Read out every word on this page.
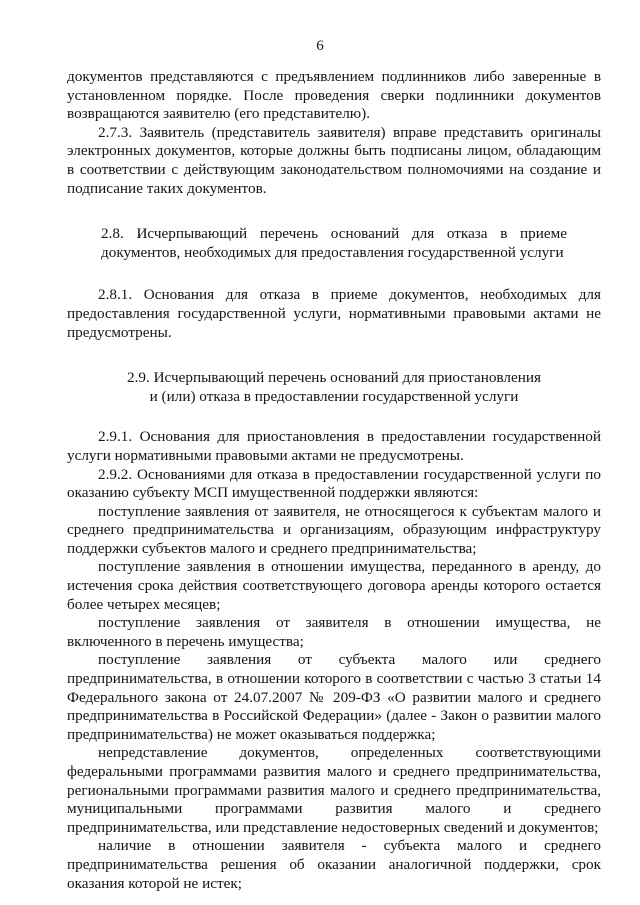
6

документов представляются с предъявлением подлинников либо заверенные в установленном порядке. После проведения сверки подлинники документов возвращаются заявителю (его представителю).

2.7.3. Заявитель (представитель заявителя) вправе представить оригиналы электронных документов, которые должны быть подписаны лицом, обладающим в соответствии с действующим законодательством полномочиями на создание и подписание таких документов.

2.8. Исчерпывающий перечень оснований для отказа в приеме документов, необходимых для предоставления государственной услуги

2.8.1. Основания для отказа в приеме документов, необходимых для предоставления государственной услуги, нормативными правовыми актами не предусмотрены.

2.9. Исчерпывающий перечень оснований для приостановления
и (или) отказа в предоставлении государственной услуги

2.9.1. Основания для приостановления в предоставлении государственной услуги нормативными правовыми актами не предусмотрены.

2.9.2. Основаниями для отказа в предоставлении государственной услуги по оказанию субъекту МСП имущественной поддержки являются:

поступление заявления от заявителя, не относящегося к субъектам малого и среднего предпринимательства и организациям, образующим инфраструктуру поддержки субъектов малого и среднего предпринимательства;

поступление заявления в отношении имущества, переданного в аренду, до истечения срока действия соответствующего договора аренды которого остается более четырех месяцев;

поступление заявления от заявителя в отношении имущества, не включенного в перечень имущества;

поступление заявления от субъекта малого или среднего предпринимательства, в отношении которого в соответствии с частью 3 статьи 14 Федерального закона от 24.07.2007 № 209-ФЗ «О развитии малого и среднего предпринимательства в Российской Федерации» (далее - Закон о развитии малого предпринимательства) не может оказываться поддержка;

непредставление документов, определенных соответствующими федеральными программами развития малого и среднего предпринимательства, региональными программами развития малого и среднего предпринимательства, муниципальными программами развития малого и среднего предпринимательства, или представление недостоверных сведений и документов;

наличие в отношении заявителя - субъекта малого и среднего предпринимательства решения об оказании аналогичной поддержки, срок оказания которой не истек;
